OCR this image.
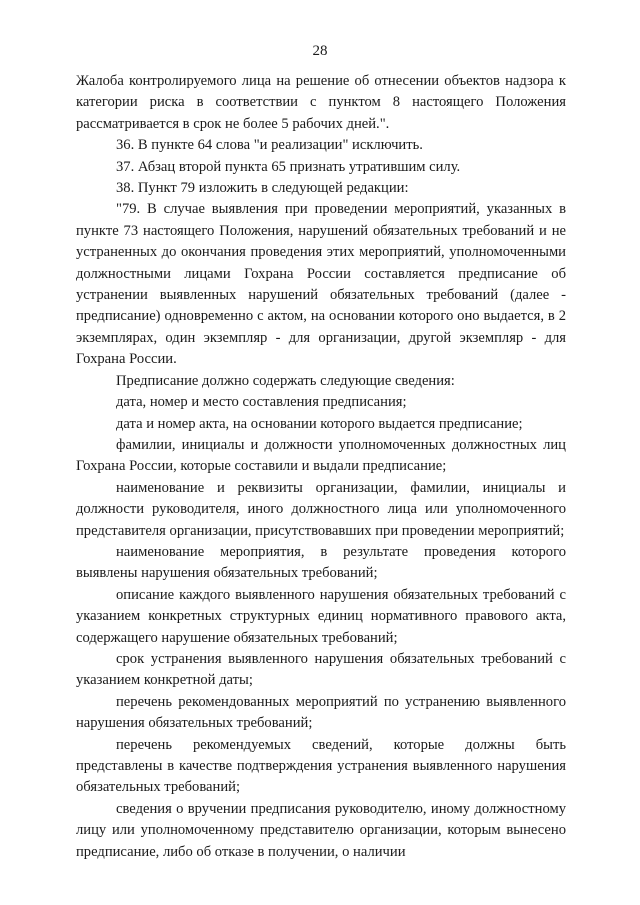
28

Жалоба контролируемого лица на решение об отнесении объектов надзора к категории риска в соответствии с пунктом 8 настоящего Положения рассматривается в срок не более 5 рабочих дней.".

36. В пункте 64 слова "и реализации" исключить.

37. Абзац второй пункта 65 признать утратившим силу.

38. Пункт 79 изложить в следующей редакции:

"79. В случае выявления при проведении мероприятий, указанных в пункте 73 настоящего Положения, нарушений обязательных требований и не устраненных до окончания проведения этих мероприятий, уполномоченными должностными лицами Гохрана России составляется предписание об устранении выявленных нарушений обязательных требований (далее - предписание) одновременно с актом, на основании которого оно выдается, в 2 экземплярах, один экземпляр - для организации, другой экземпляр - для Гохрана России.

Предписание должно содержать следующие сведения:

дата, номер и место составления предписания;

дата и номер акта, на основании которого выдается предписание;

фамилии, инициалы и должности уполномоченных должностных лиц Гохрана России, которые составили и выдали предписание;

наименование и реквизиты организации, фамилии, инициалы и должности руководителя, иного должностного лица или уполномоченного представителя организации, присутствовавших при проведении мероприятий;

наименование мероприятия, в результате проведения которого выявлены нарушения обязательных требований;

описание каждого выявленного нарушения обязательных требований с указанием конкретных структурных единиц нормативного правового акта, содержащего нарушение обязательных требований;

срок устранения выявленного нарушения обязательных требований с указанием конкретной даты;

перечень рекомендованных мероприятий по устранению выявленного нарушения обязательных требований;

перечень рекомендуемых сведений, которые должны быть представлены в качестве подтверждения устранения выявленного нарушения обязательных требований;

сведения о вручении предписания руководителю, иному должностному лицу или уполномоченному представителю организации, которым вынесено предписание, либо об отказе в получении, о наличии
